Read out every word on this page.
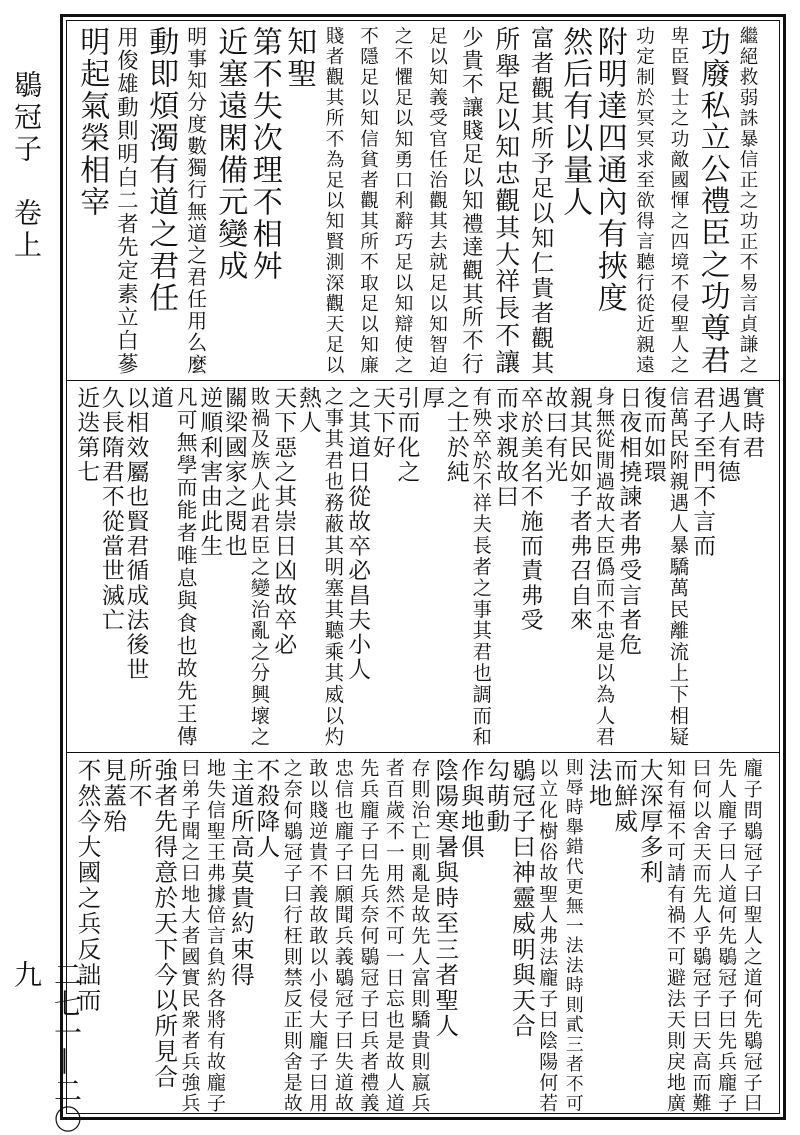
鶡冠子　卷上
二七一—二〇九
繼絕救弱誅暴信正之功正不易言貞謙之
功廢私立公禮臣之功尊君
卑臣賢士之功敵國惲之四境不侵聖人之
功定制於冥冥求至欲得言聽行從近親遠
附明達四通內有挾度
然后有以量人
富者觀其所予足以知仁貴者觀其
所舉足以知忠觀其大祥長不讓
少貴不讓賤足以知禮達觀其所不行
足以知義受官任治觀其去就足以知智迫
之不懼足以知勇口利辭巧足以知辯使之
不隱足以知信貧者觀其所不取足以知廉
賤者觀其所不為足以知賢測深觀天足以
知聖
第不失次理不相舛
近塞遠閑備元變成
明事知分度數獨行無道之君任用么麼
動即煩濁有道之君任
用俊雄動則明白二者先定素立白蔘
明起氣榮相宰
實時君
遇人有德
君子至門不言而
信萬民附親遇人暴驕萬民離流上下相疑
復而如環
日夜相撓諫者弗受言者危
身無從閒過故大臣僞而不忠是以為人君
親其民如子者弗召自來
故曰有光
卒於美名不施而責弗受
而求親故曰
有殃卒於不祥夫長者之事其君也調而和
之士於純
厚
引而化之
天下好
之其道日從故卒必昌夫小人
之事其君也務蔽其明塞其聽乘其威以灼
熱人
天下惡之其崇日凶故卒必
敗禍及族人此君臣之變治亂之分興壞之
關梁國家之閱也
逆順利害由此生
凡可無學而能者唯息與食也故先王傳
道
以相效屬也賢君循成法後世
久長隋君不從當世滅亡
近迭第七
龐子問鶡冠子曰聖人之道何先鶡冠子曰
先人龐子曰人道何先鶡冠子曰先兵龐子
曰何以舍天而先人乎鶡冠子曰天高而難
知有福不可請有禍不可避法天則戾地廣
大深厚多利
而鮮威
法地
則辱時舉錯代更無一法法時則貳三者不可
以立化樹俗故聖人弗法龐子曰陰陽何若
鶡冠子曰神靈威明與天合
勾萌動
作與地俱
陰陽寒暑與時至三者聖人
存則治亡則亂是故先人富則驕貴則嬴兵
者百歲不一用然不可一日忘也是故人道
先兵龐子曰先兵奈何鶡冠子曰兵者禮義
忠信也龐子曰願聞兵義鶡冠子曰失道故
敢以賤逆貴不義故敢以小侵大龐子曰用
之奈何鶡冠子曰行枉則禁反正則舍是故
不殺降人
主道所高莫貴約束得
地失信聖王弗據倍言負約各將有故龐子
曰弟子聞之曰地大者國實民衆者兵強兵
強者先得意於天下今以所見合
所不
見蓋殆
不然今大國之兵反詘而
